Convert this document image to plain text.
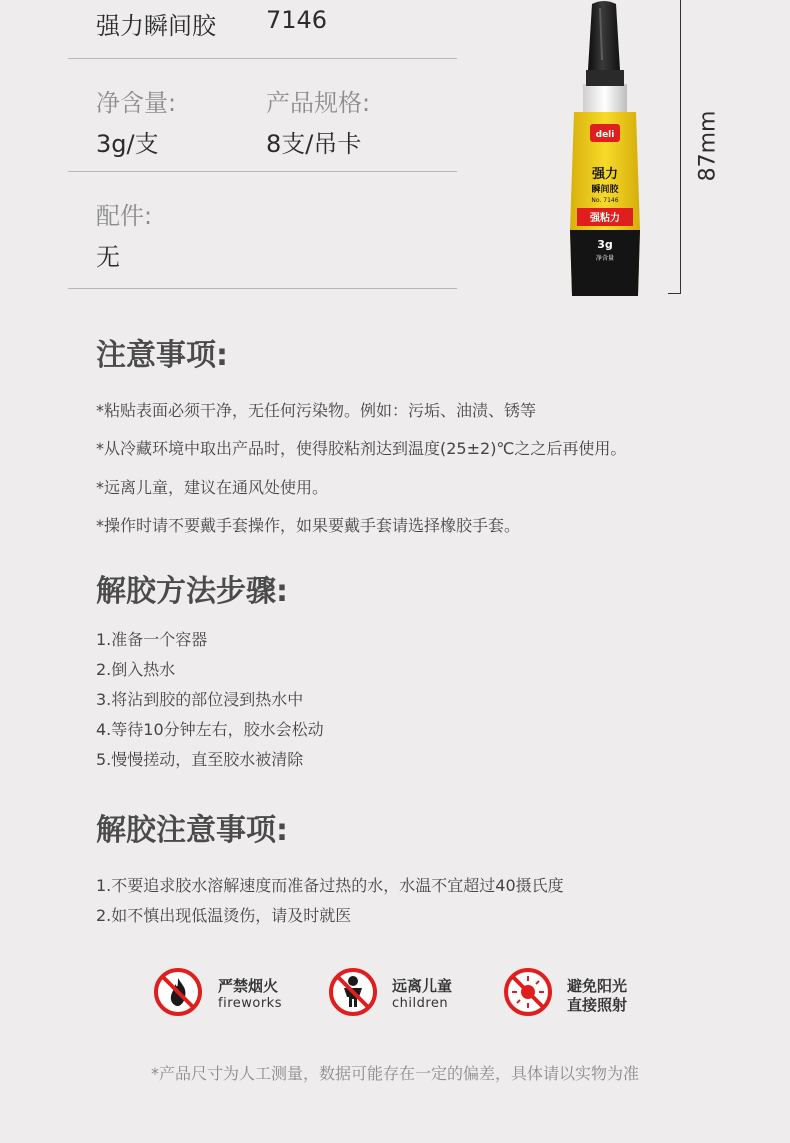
强力瞬间胶 7146
净含量:	产品规格:
3g/支	8支/吊卡
配件:
无
deli
强力
瞬间胶
No. 7146
强粘力
3g
净含量
87mm
注意事项:
*粘贴表面必须干净，无任何污染物。例如：污垢、油渍、锈等
*从冷藏环境中取出产品时，使得胶粘剂达到温度(25±2)℃之之后再使用。
*远离儿童，建议在通风处使用。
*操作时请不要戴手套操作，如果要戴手套请选择橡胶手套。
解胶方法步骤:
1.准备一个容器
2.倒入热水
3.将沾到胶的部位浸到热水中
4.等待10分钟左右，胶水会松动
5.慢慢搓动，直至胶水被清除
解胶注意事项:
1.不要追求胶水溶解速度而准备过热的水，水温不宜超过40摄氏度
2.如不慎出现低温烫伤，请及时就医
严禁烟火
fireworks
远离儿童
children
避免阳光
直接照射
*产品尺寸为人工测量，数据可能存在一定的偏差，具体请以实物为准
